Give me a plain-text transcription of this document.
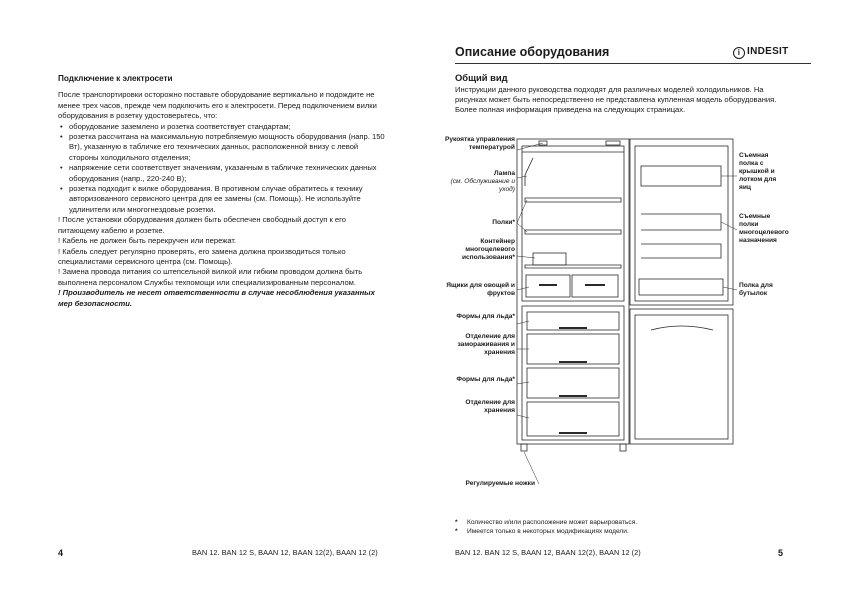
Подключение к электросети

После транспортировки осторожно поставьте оборудование вертикально и подождите не менее трех часов, прежде чем подключить его к электросети. Перед подключением вилки оборудования в розетку удостоверьтесь, что:

• оборудование заземлено и розетка соответствует стандартам;
• розетка рассчитана на максимальную потребляемую мощность оборудования (напр. 150 Вт), указанную в табличке его технических данных, расположенной внизу с левой стороны холодильного отделения;
• напряжение сети соответствует значениям, указанным в табличке технических данных оборудования (напр., 220-240 В);
• розетка подходит к вилке оборудования. В противном случае обратитесь к технику авторизованного сервисного центра для ее замены (см. Помощь). Не используйте удлинители или многогнездовые розетки.

! После установки оборудования должен быть обеспечен свободный доступ к его питающему кабелю и розетке.

! Кабель не должен быть перекручен или пережат.

! Кабель следует регулярно проверять, его замена должна производиться только специалистами сервисного центра (см. Помощь).

! Замена провода питания со штепсельной вилкой или гибким проводом должна быть выполнена персоналом Службы техпомощи или специализированным персоналом.

! Производитель не несет ответственности в случае несоблюдения указанных мер безопасности.

4	BAN 12. BAN 12 S, BAAN 12, BAAN 12(2), BAAN 12 (2)
Описание оборудования	i INDESIT
Общий вид
Инструкции данного руководства подходят для различных моделей холодильников. На рисунках может быть непосредственно не представлена купленная модель оборудования. Более полная информация приведена на следующих страницах.
Рукоятка управления температурой
Лампа
(см. Обслуживание и уход)
Полки*
Контейнер многоцелевого использования*
Ящики для овощей и фруктов
Формы для льда*
Отделение для замораживания и хранения
Формы для льда*
Отделение для хранения
Регулируемые ножки
Съемная полка с крышкой и лотком для яиц
Съемные полки многоцелевого назначения
Полка для бутылок
* Количество и/или расположение может варьироваться.
* Имеется только в некоторых модификациях модели.
BAN 12. BAN 12 S, BAAN 12, BAAN 12(2), BAAN 12 (2)	5
